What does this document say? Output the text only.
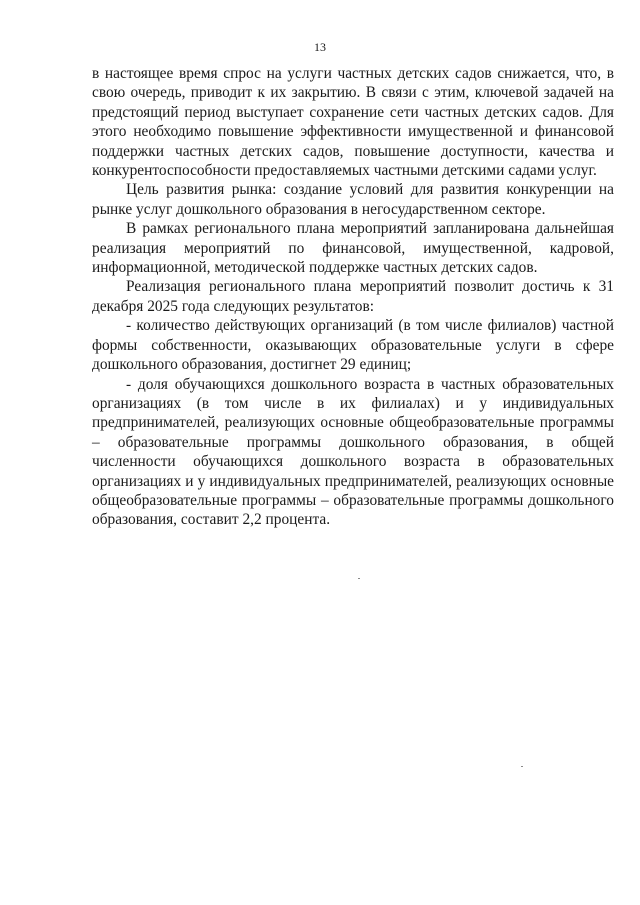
13

в настоящее время спрос на услуги частных детских садов снижается, что, в свою очередь, приводит к их закрытию. В связи с этим, ключевой задачей на предстоящий период выступает сохранение сети частных детских садов. Для этого необходимо повышение эффективности имущественной и финансовой поддержки частных детских садов, повышение доступности, качества и конкурентоспособности предоставляемых частными детскими садами услуг.

Цель развития рынка: создание условий для развития конкуренции на рынке услуг дошкольного образования в негосударственном секторе.

В рамках регионального плана мероприятий запланирована дальнейшая реализация мероприятий по финансовой, имущественной, кадровой, информационной, методической поддержке частных детских садов.

Реализация регионального плана мероприятий позволит достичь к 31 декабря 2025 года следующих результатов:

- количество действующих организаций (в том числе филиалов) частной формы собственности, оказывающих образовательные услуги в сфере дошкольного образования, достигнет 29 единиц;

- доля обучающихся дошкольного возраста в частных образовательных организациях (в том числе в их филиалах) и у индивидуальных предпринимателей, реализующих основные общеобразовательные программы – образовательные программы дошкольного образования, в общей численности обучающихся дошкольного возраста в образовательных организациях и у индивидуальных предпринимателей, реализующих основные общеобразовательные программы – образовательные программы дошкольного образования, составит 2,2 процента.
